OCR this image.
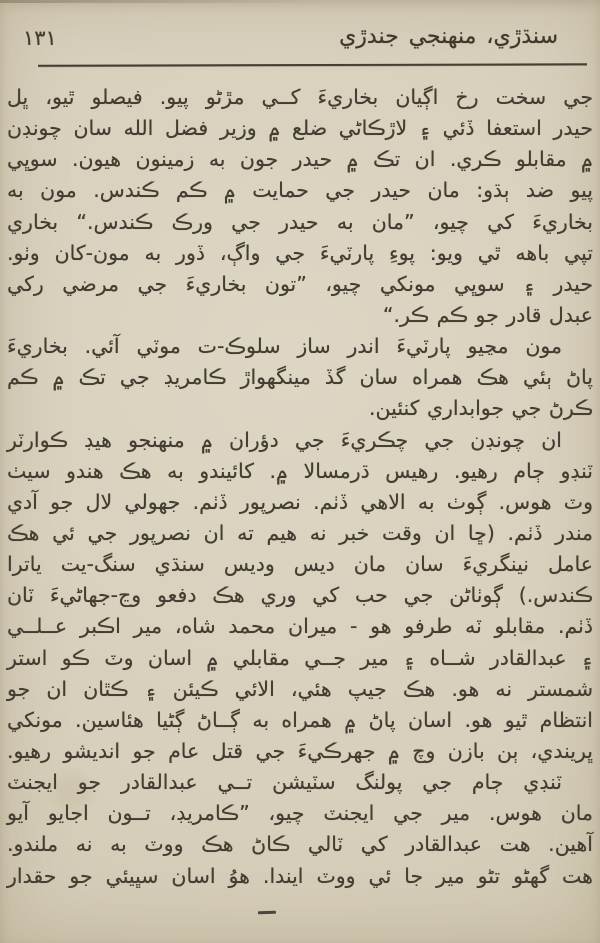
۱۳۱	سنڌڙي، منهنجي جندڙي
جي سخت رخ اڳيان بخاريءَ کــي مڙڻو پيو. فيصلو ٿيو، ڀل
حيدر استعفا ڏئي ۽ لاڙڪاڻي ضلع ۾ وزير فضل الله سان چونڊن
۾ مقابلو ڪري. ان تڪ ۾ حيدر جون به زمينون هيون. سوڀي
پيو ضد ٻڌو: مان حيدر جي حمايت ۾ ڪم ڪندس. مون به
بخاريءَ کي چيو، ”مان به حيدر جي ورڪ ڪندس.“ بخاري
تپي باهه ٿي ويو: پوءِ پارٽيءَ جي واڳ، ڏور به مون-کان وٺو.
حيدر ۽ سوڀي مونکي چيو، ”تون بخاريءَ جي مرضي رکي
عبدل قادر جو ڪم ڪر.“
مون مڃيو پارٽيءَ اندر ساز سلوڪ-ت موٽي آئي. بخاريءَ
پاڻ ٻئي هڪ همراه سان گڏ مينگهواڙ ڪامريڊ جي تڪ ۾ ڪم
ڪرڻ جي جوابداري کنئين.
ان چونڊن جي چڪريءَ جي دؤران ۾ منهنجو هيڊ ڪوارٽر
ٽنڊو ڄام رهيو. رهيس ڌرمسالا ۾. کائيندو به هڪ هندو سيٺ
وٽ هوس. ڳوٺ به الاهي ڏٺم. نصرپور ڏٺم. جهولي لال جو آدي
مندر ڏٺم. (ڇا ان وقت خبر نه هيم ته ان نصرپور جي ئي هڪ
عامل نينگريءَ سان مان ديس وديس سنڌي سنگ-يت ياترا
ڪندس.) ڳوٺاڻن جي حب کي وري هڪ دفعو وڃ-جهاڻيءَ ٽان
ڏٺم. مقابلو ٽه طرفو هو - ميران محمد شاه، مير اڪبر عــلــي
۽ عبدالقادر شــاه ۽ مير جــي مقابلي ۾ اسان وٽ ڪو استر
شمستر نه هو. هڪ جيپ هئي، الائي ڪيئن ۽ ڪٿان ان جو
انتظام ٿيو هو. اسان پاڻ ۾ همراه به ڳــاڻ ڳڻيا هئاسين. مونکي
ڀريندي، ٻن بازن وچ ۾ جهرڪيءَ جي قتل عام جو انديشو رهيو.
ٽنڊي ڄام جي پولنگ سٽيشن تــي عبدالقادر جو ايجنٽ
مان هوس. مير جي ايجنٽ چيو، ”ڪامريڊ، تــون اجايو آيو
آهين. هت عبدالقادر کي ٽالي ڪاڻ هڪ ووٽ به نه ملندو.
هت گهڻو تڻو مير جا ئي ووٽ ايندا. هوُ اسان سڀيئي جو حقدار
